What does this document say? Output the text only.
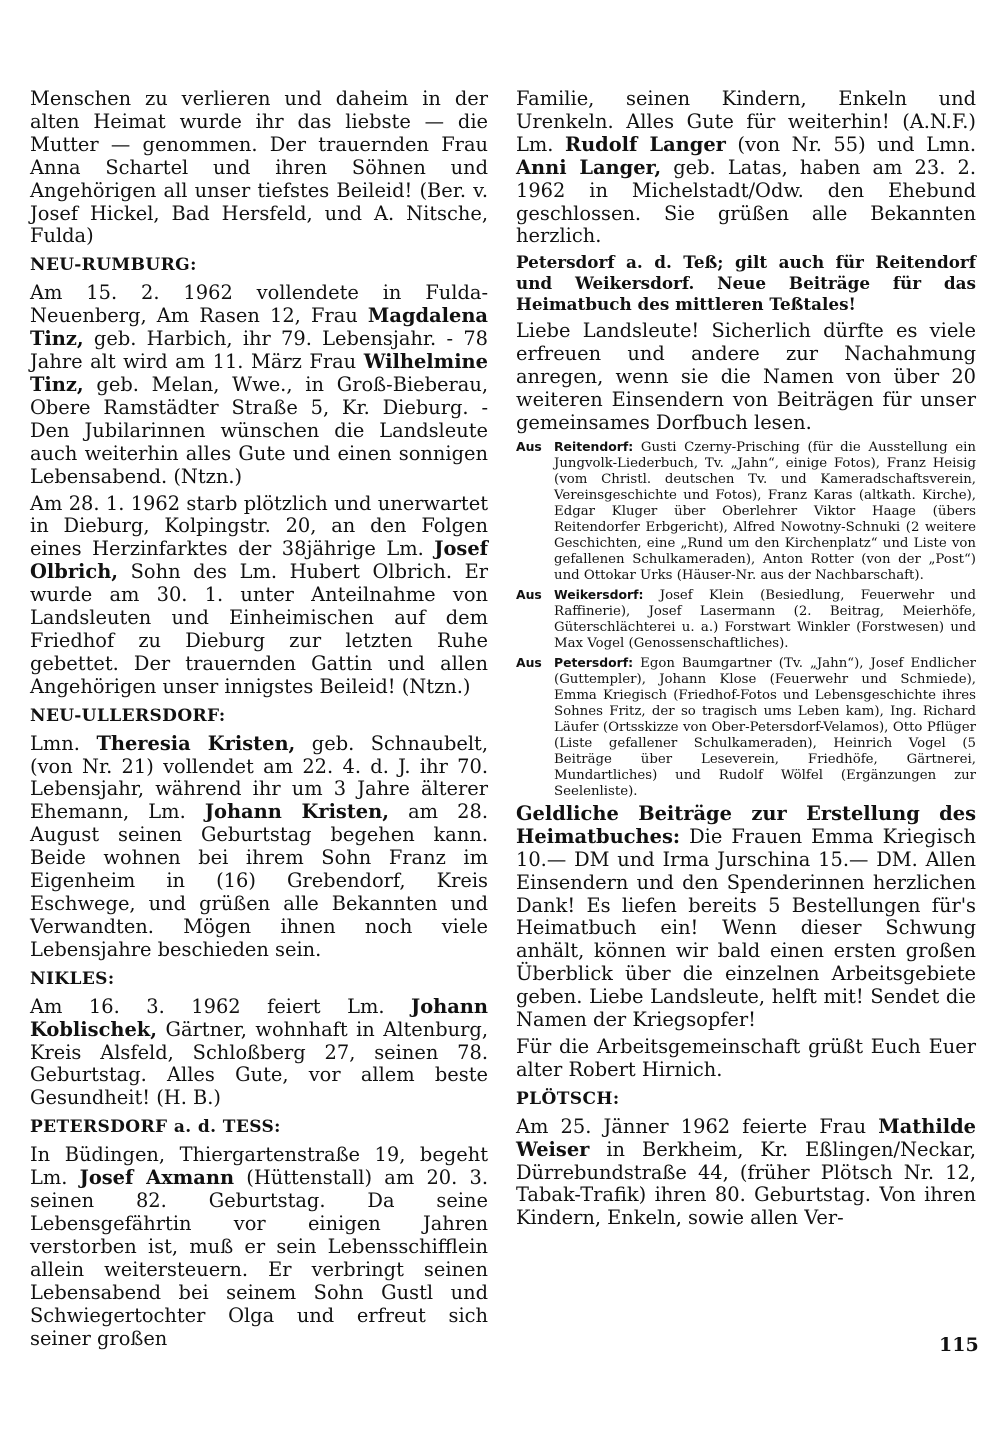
Menschen zu verlieren und daheim in der alten Heimat wurde ihr das liebste — die Mutter — genommen. Der trauernden Frau Anna Schartel und ihren Söhnen und Angehörigen all unser tiefstes Beileid! (Ber. v. Josef Hickel, Bad Hersfeld, und A. Nitsche, Fulda)

NEU-RUMBURG:

Am 15. 2. 1962 vollendete in Fulda-Neuenberg, Am Rasen 12, Frau Magdalena Tinz, geb. Harbich, ihr 79. Lebensjahr. - 78 Jahre alt wird am 11. März Frau Wilhelmine Tinz, geb. Melan, Wwe., in Groß-Bieberau, Obere Ramstädter Straße 5, Kr. Dieburg. - Den Jubilarinnen wünschen die Landsleute auch weiterhin alles Gute und einen sonnigen Lebensabend. (Ntzn.)

Am 28. 1. 1962 starb plötzlich und unerwartet in Dieburg, Kolpingstr. 20, an den Folgen eines Herzinfarktes der 38jährige Lm. Josef Olbrich, Sohn des Lm. Hubert Olbrich. Er wurde am 30. 1. unter Anteilnahme von Landsleuten und Einheimischen auf dem Friedhof zu Dieburg zur letzten Ruhe gebettet. Der trauernden Gattin und allen Angehörigen unser innigstes Beileid! (Ntzn.)

NEU-ULLERSDORF:

Lmn. Theresia Kristen, geb. Schnaubelt, (von Nr. 21) vollendet am 22. 4. d. J. ihr 70. Lebensjahr, während ihr um 3 Jahre älterer Ehemann, Lm. Johann Kristen, am 28. August seinen Geburtstag begehen kann. Beide wohnen bei ihrem Sohn Franz im Eigenheim in (16) Grebendorf, Kreis Eschwege, und grüßen alle Bekannten und Verwandten. Mögen ihnen noch viele Lebensjahre beschieden sein.

NIKLES:

Am 16. 3. 1962 feiert Lm. Johann Koblischek, Gärtner, wohnhaft in Altenburg, Kreis Alsfeld, Schloßberg 27, seinen 78. Geburtstag. Alles Gute, vor allem beste Gesundheit! (H. B.)

PETERSDORF a. d. TESS:

In Büdingen, Thiergartenstraße 19, begeht Lm. Josef Axmann (Hüttenstall) am 20. 3. seinen 82. Geburtstag. Da seine Lebensgefährtin vor einigen Jahren verstorben ist, muß er sein Lebensschifflein allein weitersteuern. Er verbringt seinen Lebensabend bei seinem Sohn Gustl und Schwiegertochter Olga und erfreut sich seiner großen

Familie, seinen Kindern, Enkeln und Urenkeln. Alles Gute für weiterhin! (A.N.F.) Lm. Rudolf Langer (von Nr. 55) und Lmn. Anni Langer, geb. Latas, haben am 23. 2. 1962 in Michelstadt/Odw. den Ehebund geschlossen. Sie grüßen alle Bekannten herzlich.

Petersdorf a. d. Teß; gilt auch für Reitendorf und Weikersdorf. Neue Beiträge für das Heimatbuch des mittleren Teßtales!

Liebe Landsleute! Sicherlich dürfte es viele erfreuen und andere zur Nachahmung anregen, wenn sie die Namen von über 20 weiteren Einsendern von Beiträgen für unser gemeinsames Dorfbuch lesen.

Aus Reitendorf: Gusti Czerny-Prisching (für die Ausstellung ein Jungvolk-Liederbuch, Tv. „Jahn“, einige Fotos), Franz Heisig (vom Christl. deutschen Tv. und Kameradschaftsverein, Vereinsgeschichte und Fotos), Franz Karas (altkath. Kirche), Edgar Kluger über Oberlehrer Viktor Haage (übers Reitendorfer Erbgericht), Alfred Nowotny-Schnuki (2 weitere Geschichten, eine „Rund um den Kirchenplatz“ und Liste von gefallenen Schulkameraden), Anton Rotter (von der „Post“) und Ottokar Urks (Häuser-Nr. aus der Nachbarschaft).
Aus Weikersdorf: Josef Klein (Besiedlung, Feuerwehr und Raffinerie), Josef Lasermann (2. Beitrag, Meierhöfe, Güterschlächterei u. a.) Forstwart Winkler (Forstwesen) und Max Vogel (Genossenschaftliches).
Aus Petersdorf: Egon Baumgartner (Tv. „Jahn“), Josef Endlicher (Guttempler), Johann Klose (Feuerwehr und Schmiede), Emma Kriegisch (Friedhof-Fotos und Lebensgeschichte ihres Sohnes Fritz, der so tragisch ums Leben kam), Ing. Richard Läufer (Ortsskizze von Ober-Petersdorf-Velamos), Otto Pflüger (Liste gefallener Schulkameraden), Heinrich Vogel (5 Beiträge über Leseverein, Friedhöfe, Gärtnerei, Mundartliches) und Rudolf Wölfel (Ergänzungen zur Seelenliste).

Geldliche Beiträge zur Erstellung des Heimatbuches: Die Frauen Emma Kriegisch 10.— DM und Irma Jurschina 15.— DM. Allen Einsendern und den Spenderinnen herzlichen Dank! Es liefen bereits 5 Bestellungen für's Heimatbuch ein! Wenn dieser Schwung anhält, können wir bald einen ersten großen Überblick über die einzelnen Arbeitsgebiete geben. Liebe Landsleute, helft mit! Sendet die Namen der Kriegsopfer!

Für die Arbeitsgemeinschaft grüßt Euch Euer alter Robert Hirnich.

PLÖTSCH:

Am 25. Jänner 1962 feierte Frau Mathilde Weiser in Berkheim, Kr. Eßlingen/Neckar, Dürrebundstraße 44, (früher Plötsch Nr. 12, Tabak-Trafik) ihren 80. Geburtstag. Von ihren Kindern, Enkeln, sowie allen Ver-

115
